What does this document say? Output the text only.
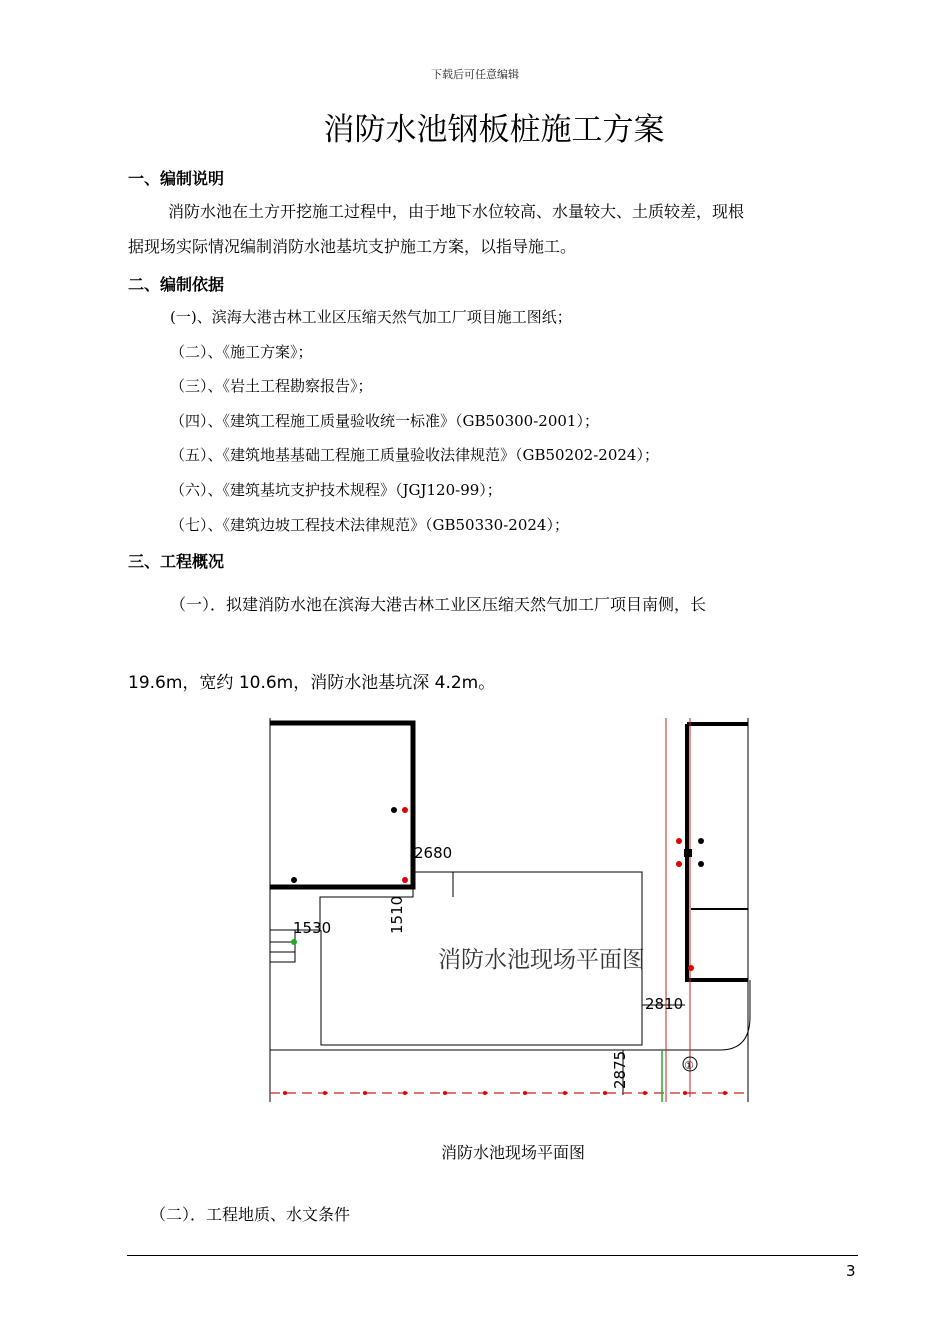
下载后可任意编辑
消防水池钢板桩施工方案
一、编制说明
消防水池在土方开挖施工过程中，由于地下水位较高、水量较大、土质较差，现根
据现场实际情况编制消防水池基坑支护施工方案，以指导施工。
二、编制依据
(一)、滨海大港古林工业区压缩天然气加工厂项目施工图纸；
（二）、《施工方案》；
（三）、《岩土工程勘察报告》；
（四）、《建筑工程施工质量验收统一标准》（GB50300-2001）；
（五）、《建筑地基基础工程施工质量验收法律规范》（GB50202-2024）；
（六）、《建筑基坑支护技术规程》（JGJ120-99）；
（七）、《建筑边坡工程技术法律规范》（GB50330-2024）；
三、工程概况
（一）．拟建消防水池在滨海大港古林工业区压缩天然气加工厂项目南侧，长
19.6m，宽约 10.6m，消防水池基坑深 4.2m。
2680
1530	1510
2810
2875	①
消防水池现场平面图
消防水池现场平面图
（二）．工程地质、水文条件
3
